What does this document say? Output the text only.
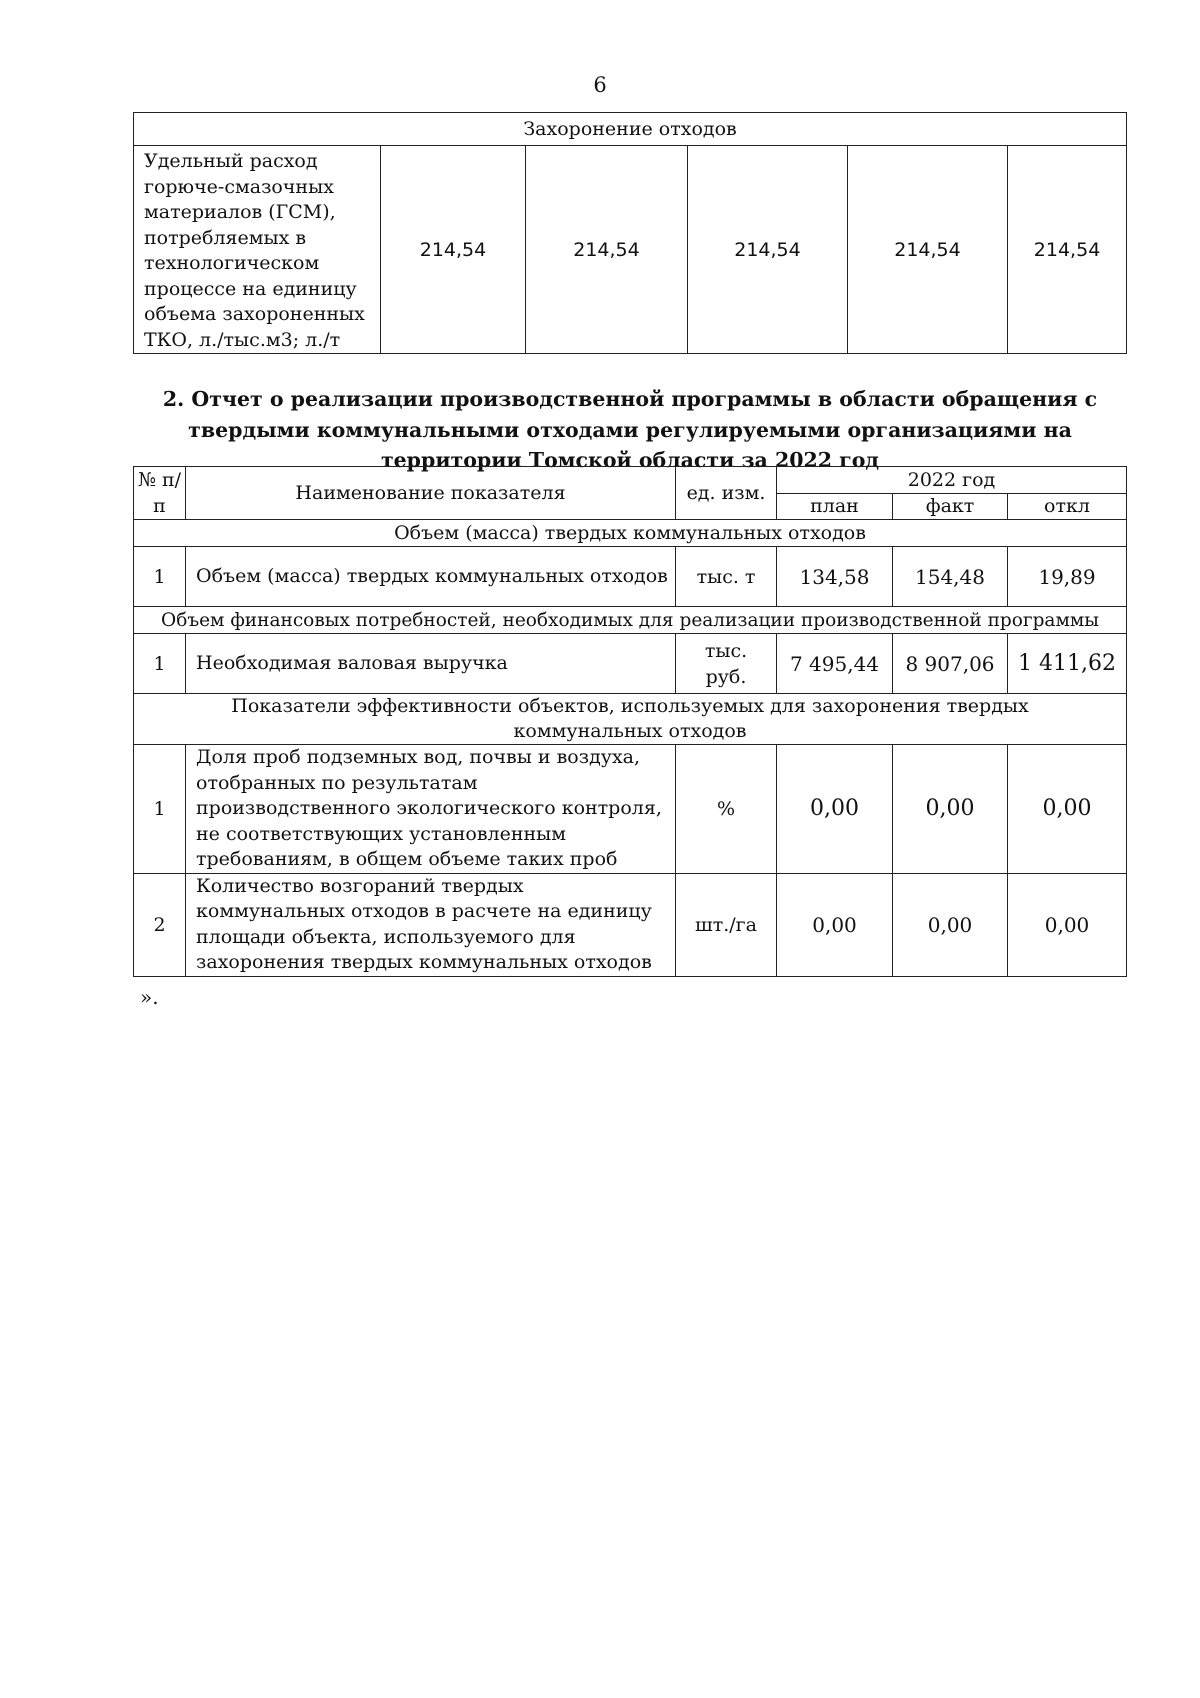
6
Захоронение отходов
Удельный расход горюче-смазочных материалов (ГСМ), потребляемых в технологическом процессе на единицу объема захороненных ТКО, л./тыс.м3; л./т	214,54	214,54	214,54	214,54	214,54
2. Отчет о реализации производственной программы в области обращения с твердыми коммунальными отходами регулируемыми организациями на территории Томской области за 2022 год
№ п/п	Наименование показателя	ед. изм.	2022 год		
			план	факт	откл
Объем (масса) твердых коммунальных отходов					
1	Объем (масса) твердых коммунальных отходов	тыс. т	134,58	154,48	19,89
Объем финансовых потребностей, необходимых для реализации производственной программы					
1	Необходимая валовая выручка	тыс. руб.	7 495,44	8 907,06	1 411,62
Показатели эффективности объектов, используемых для захоронения твердых коммунальных отходов					
1	Доля проб подземных вод, почвы и воздуха, отобранных по результатам производственного экологического контроля, не соответствующих установленным требованиям, в общем объеме таких проб	%	0,00	0,00	0,00
2	Количество возгораний твердых коммунальных отходов в расчете на единицу площади объекта, используемого для захоронения твердых коммунальных отходов	шт./га	0,00	0,00	0,00
».
